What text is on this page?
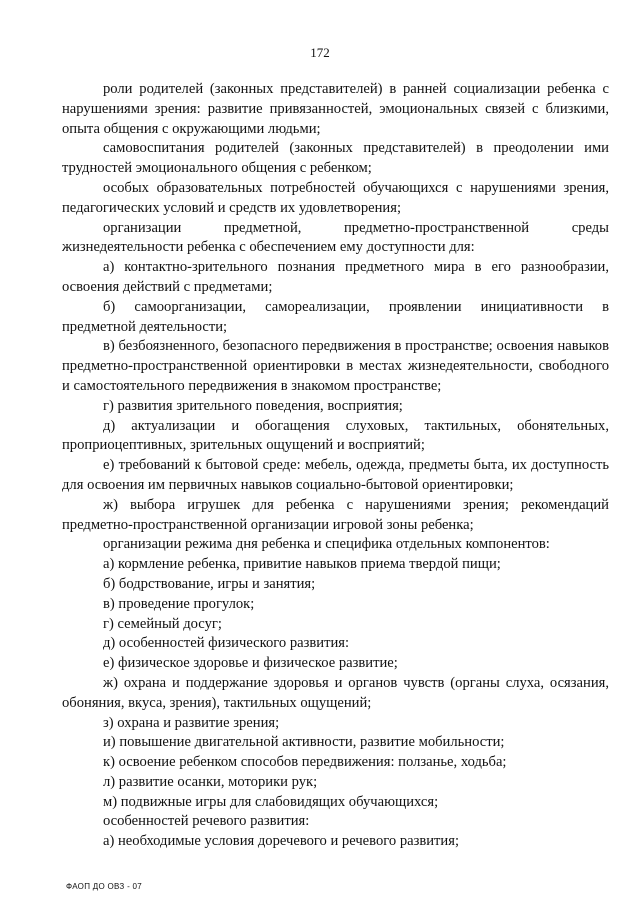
172

роли родителей (законных представителей) в ранней социализации ребенка с нарушениями зрения: развитие привязанностей, эмоциональных связей с близкими, опыта общения с окружающими людьми;

самовоспитания родителей (законных представителей) в преодолении ими трудностей эмоционального общения с ребенком;

особых образовательных потребностей обучающихся с нарушениями зрения, педагогических условий и средств их удовлетворения;

организации предметной, предметно-пространственной среды жизнедеятельности ребенка с обеспечением ему доступности для:

а) контактно-зрительного познания предметного мира в его разнообразии, освоения действий с предметами;

б) самоорганизации, самореализации, проявлении инициативности в предметной деятельности;

в) безбоязненного, безопасного передвижения в пространстве; освоения навыков предметно-пространственной ориентировки в местах жизнедеятельности, свободного и самостоятельного передвижения в знакомом пространстве;

г) развития зрительного поведения, восприятия;

д) актуализации и обогащения слуховых, тактильных, обонятельных, проприоцептивных, зрительных ощущений и восприятий;

е) требований к бытовой среде: мебель, одежда, предметы быта, их доступность для освоения им первичных навыков социально-бытовой ориентировки;

ж) выбора игрушек для ребенка с нарушениями зрения; рекомендаций предметно-пространственной организации игровой зоны ребенка;

организации режима дня ребенка и специфика отдельных компонентов:

а) кормление ребенка, привитие навыков приема твердой пищи;

б) бодрствование, игры и занятия;

в) проведение прогулок;

г) семейный досуг;

д) особенностей физического развития:

е) физическое здоровье и физическое развитие;

ж) охрана и поддержание здоровья и органов чувств (органы слуха, осязания, обоняния, вкуса, зрения), тактильных ощущений;

з) охрана и развитие зрения;

и) повышение двигательной активности, развитие мобильности;

к) освоение ребенком способов передвижения: ползанье, ходьба;

л) развитие осанки, моторики рук;

м) подвижные игры для слабовидящих обучающихся;

особенностей речевого развития:

а) необходимые условия доречевого и речевого развития;

ФАОП ДО ОВЗ - 07
